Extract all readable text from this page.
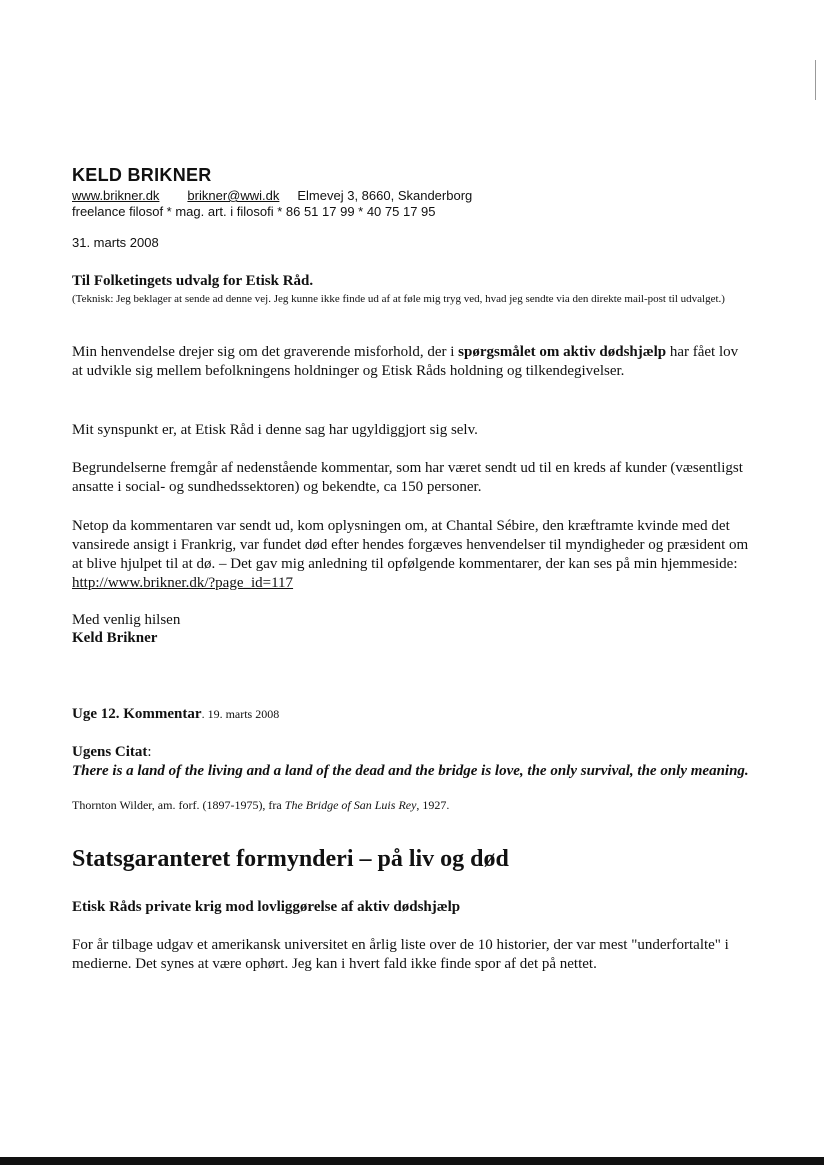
KELD BRIKNER
www.brikner.dk brikner@wwi.dk Elmevej 3, 8660, Skanderborg
freelance filosof * mag. art. i filosofi * 86 51 17 99 * 40 75 17 95
31. marts 2008
Til Folketingets udvalg for Etisk Råd.
(Teknisk: Jeg beklager at sende ad denne vej. Jeg kunne ikke finde ud af at føle mig tryg ved, hvad jeg sendte via den direkte mail-post til udvalget.)
Min henvendelse drejer sig om det graverende misforhold, der i spørgsmålet om aktiv dødshjælp har fået lov at udvikle sig mellem befolkningens holdninger og Etisk Råds holdning og tilkendegivelser.
Mit synspunkt er, at Etisk Råd i denne sag har ugyldiggjort sig selv.
Begrundelserne fremgår af nedenstående kommentar, som har været sendt ud til en kreds af kunder (væsentligst ansatte i social- og sundhedssektoren) og bekendte, ca 150 personer.
Netop da kommentaren var sendt ud, kom oplysningen om, at Chantal Sébire, den kræftramte kvinde med det vansirede ansigt i Frankrig, var fundet død efter hendes forgæves henvendelser til myndigheder og præsident om at blive hjulpet til at dø. – Det gav mig anledning til opfølgende kommentarer, der kan ses på min hjemmeside: http://www.brikner.dk/?page_id=117
Med venlig hilsen
Keld Brikner
Uge 12. Kommentar. 19. marts 2008
Ugens Citat:
There is a land of the living and a land of the dead and the bridge is love, the only survival, the only meaning.
Thornton Wilder, am. forf. (1897-1975), fra The Bridge of San Luis Rey, 1927.
Statsgaranteret formynderi – på liv og død
Etisk Råds private krig mod lovliggørelse af aktiv dødshjælp
For år tilbage udgav et amerikansk universitet en årlig liste over de 10 historier, der var mest "underfortalte" i medierne. Det synes at være ophørt. Jeg kan i hvert fald ikke finde spor af det på nettet.
